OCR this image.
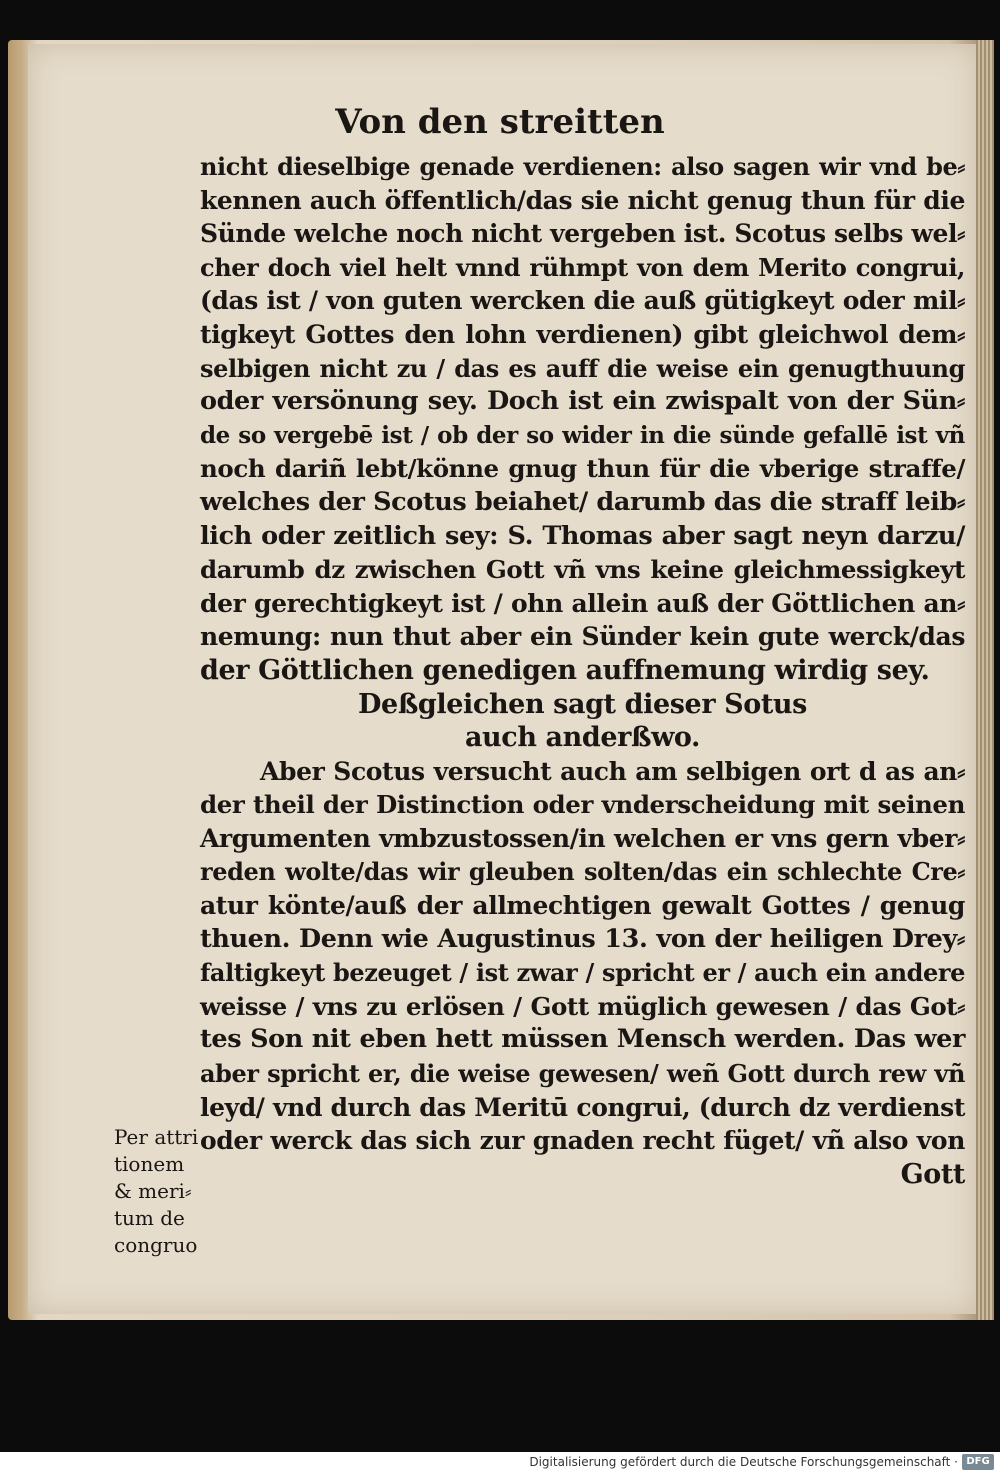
Von den streitten
nicht dieselbige genade verdienen: also sagen wir vnd be⸗
kennen auch öffentlich/das sie nicht genug thun für die
Sünde welche noch nicht vergeben ist. Scotus selbs wel⸗
cher doch viel helt vnnd rühmpt von dem Merito congrui,
(das ist / von guten wercken die auß gütigkeyt oder mil⸗
tigkeyt Gottes den lohn verdienen) gibt gleichwol dem⸗
selbigen nicht zu / das es auff die weise ein genugthuung
oder versönung sey. Doch ist ein zwispalt von der Sün⸗
de so vergebē ist / ob der so wider in die sünde gefallē ist vñ
noch dariñ lebt/könne gnug thun für die vberige straffe/
welches der Scotus beiahet/ darumb das die straff leib⸗
lich oder zeitlich sey: S. Thomas aber sagt neyn darzu/
darumb dz zwischen Gott vñ vns keine gleichmessigkeyt
der gerechtigkeyt ist / ohn allein auß der Göttlichen an⸗
nemung: nun thut aber ein Sünder kein gute werck/das
der Göttlichen genedigen auffnemung wirdig sey.
Deßgleichen sagt dieser Sotus
auch anderßwo.
Aber Scotus versucht auch am selbigen ort d as an⸗
der theil der Distinction oder vnderscheidung mit seinen
Argumenten vmbzustossen/in welchen er vns gern vber⸗
reden wolte/das wir gleuben solten/das ein schlechte Cre⸗
atur könte/auß der allmechtigen gewalt Gottes / genug
thuen. Denn wie Augustinus 13. von der heiligen Drey⸗
faltigkeyt bezeuget / ist zwar / spricht er / auch ein andere
weisse / vns zu erlösen / Gott müglich gewesen / das Got⸗
tes Son nit eben hett müssen Mensch werden. Das wer
aber spricht er, die weise gewesen/ weñ Gott durch rew vñ
leyd/ vnd durch das Meritū congrui, (durch dz verdienst
oder werck das sich zur gnaden recht füget/ vñ also von
Gott
Per attri
tionem
& meri⸗
tum de
congruo
Digitalisierung gefördert durch die Deutsche Forschungsgemeinschaft · DFG
